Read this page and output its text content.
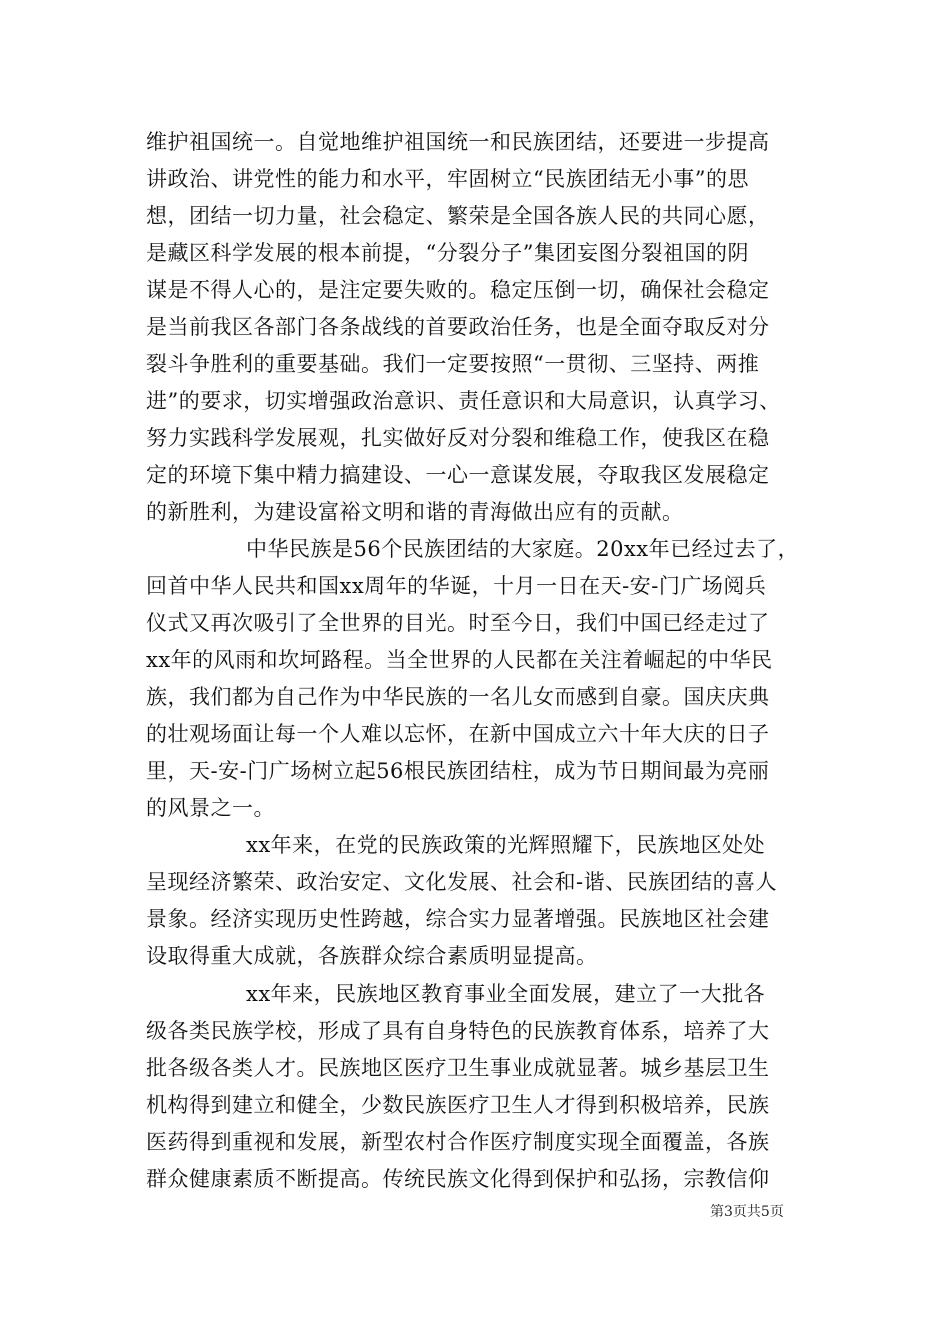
维护祖国统一。自觉地维护祖国统一和民族团结，还要进一步提高
讲政治、讲党性的能力和水平，牢固树立“民族团结无小事”的思
想，团结一切力量，社会稳定、繁荣是全国各族人民的共同心愿，
是藏区科学发展的根本前提，“分裂分子”集团妄图分裂祖国的阴
谋是不得人心的，是注定要失败的。稳定压倒一切，确保社会稳定
是当前我区各部门各条战线的首要政治任务，也是全面夺取反对分
裂斗争胜利的重要基础。我们一定要按照“一贯彻、三坚持、两推
进”的要求，切实增强政治意识、责任意识和大局意识，认真学习、
努力实践科学发展观，扎实做好反对分裂和维稳工作，使我区在稳
定的环境下集中精力搞建设、一心一意谋发展，夺取我区发展稳定
的新胜利，为建设富裕文明和谐的青海做出应有的贡献。
中华民族是56个民族团结的大家庭。20xx年已经过去了，
回首中华人民共和国xx周年的华诞，十月一日在天-安-门广场阅兵
仪式又再次吸引了全世界的目光。时至今日，我们中国已经走过了
xx年的风雨和坎坷路程。当全世界的人民都在关注着崛起的中华民
族，我们都为自己作为中华民族的一名儿女而感到自豪。国庆庆典
的壮观场面让每一个人难以忘怀，在新中国成立六十年大庆的日子
里，天-安-门广场树立起56根民族团结柱，成为节日期间最为亮丽
的风景之一。
xx年来，在党的民族政策的光辉照耀下，民族地区处处
呈现经济繁荣、政治安定、文化发展、社会和-谐、民族团结的喜人
景象。经济实现历史性跨越，综合实力显著增强。民族地区社会建
设取得重大成就，各族群众综合素质明显提高。
xx年来，民族地区教育事业全面发展，建立了一大批各
级各类民族学校，形成了具有自身特色的民族教育体系，培养了大
批各级各类人才。民族地区医疗卫生事业成就显著。城乡基层卫生
机构得到建立和健全，少数民族医疗卫生人才得到积极培养，民族
医药得到重视和发展，新型农村合作医疗制度实现全面覆盖，各族
群众健康素质不断提高。传统民族文化得到保护和弘扬，宗教信仰
第3页共5页
